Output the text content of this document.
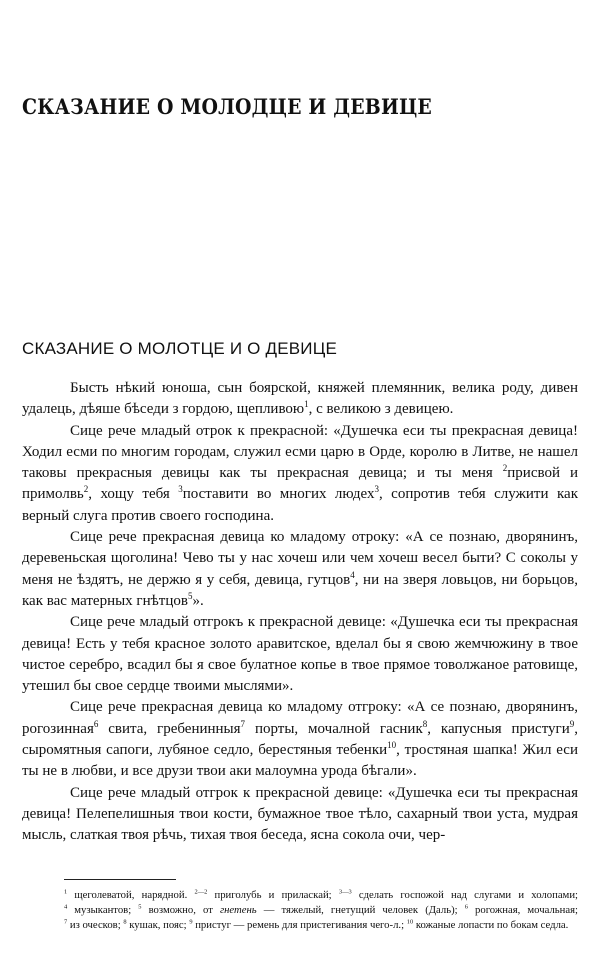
СКАЗАНИЕ О МОЛОДЦЕ И ДЕВИЦЕ
СКАЗАНИЕ О МОЛОТЦЕ И О ДЕВИЦЕ

Бысть нѣкий юноша, сын боярской, княжей племянник, велика роду, дивен удалець, дѣяше бѣседи з гордою, щепливою$^1$, с великою з девицею.

Сице рече младый отрок к прекрасной: «Душечка еси ты прекрасная девица! Ходил есми по многим городам, служил есми царю в Орде, королю в Литве, не нашел таковы прекрасныя девицы как ты прекрасная девица; и ты меня $^2$присвой и примолвь$^2$, хощу тебя $^3$поставити во многих людех$^3$, сопротив тебя служити как верный слуга против своего господина.

Сице рече прекрасная девица ко младому отроку: «А се познаю, дворянинъ, деревеньская щоголина! Чево ты у нас хочеш или чем хочеш весел быти? С соколы у меня не ѣздятъ, не держю я у себя, девица, гутцов$^4$, ни на зверя ловьцов, ни борьцов, как вас матерных гнѣтцов$^5$».

Сице рече младый отгрокъ к прекрасной девице: «Душечка еси ты прекрасная девица! Есть у тебя красное золото аравитское, вделал бы я свою жемчюжину в твое чистое серебро, всадил бы я свое булатное копье в твое прямое товолжаное ратовище, утешил бы свое сердце твоими мыслями».

Сице рече прекрасная девица ко младому отгроку: «А се познаю, дворянинъ, рогозинная$^6$ свита, гребенинныя$^7$ порты, мочалной гасник$^8$, капусныя пристуги$^9$, сыромятныя сапоги, лубяное седло, берестяныя тебенки$^{10}$, тростяная шапка! Жил еси ты не в любви, и все друзи твои аки малоумна урода бѣгали».

Сице рече младый отгрок к прекрасной девице: «Душечка еси ты прекрасная девица! Пелепелишныя твои кости, бумажное твое тѣло, сахарный твои уста, мудрая мысль, слаткая твоя рѣчь, тихая твоя беседа, ясна сокола очи, чер-

$^1$ щеголеватой, нарядной. $^{2—2}$ приголубь и приласкай; $^{3—3}$ сделать госпожой над слугами и холопами; $^4$ музыкантов; $^5$ возможно, от гнетень — тяжелый, гнетущий человек (Даль); $^6$ рогожная, мочальная; $^7$ из оческов; $^8$ кушак, пояс; $^9$ пристуг — ремень для пристегивания чего-л.; $^{10}$ кожаные лопасти по бокам седла.
